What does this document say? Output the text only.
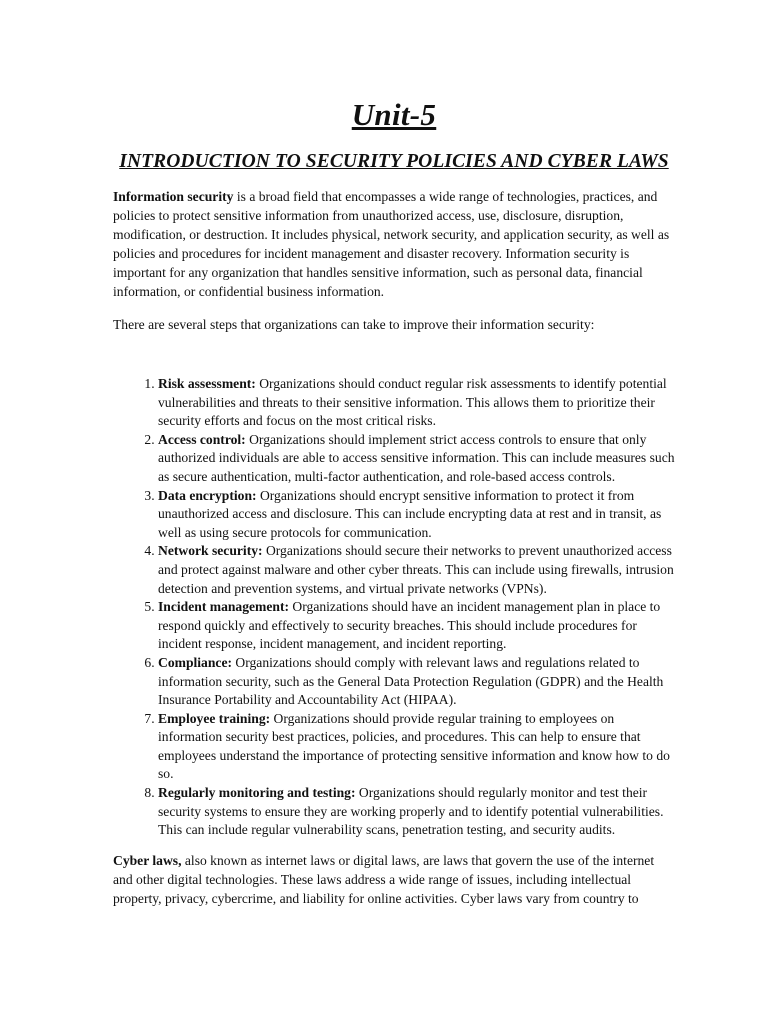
Unit-5
INTRODUCTION TO SECURITY POLICIES AND CYBER LAWS

Information security is a broad field that encompasses a wide range of technologies, practices, and policies to protect sensitive information from unauthorized access, use, disclosure, disruption, modification, or destruction. It includes physical, network security, and application security, as well as policies and procedures for incident management and disaster recovery. Information security is important for any organization that handles sensitive information, such as personal data, financial information, or confidential business information.

There are several steps that organizations can take to improve their information security:

1. Risk assessment: Organizations should conduct regular risk assessments to identify potential vulnerabilities and threats to their sensitive information. This allows them to prioritize their security efforts and focus on the most critical risks.
2. Access control: Organizations should implement strict access controls to ensure that only authorized individuals are able to access sensitive information. This can include measures such as secure authentication, multi-factor authentication, and role-based access controls.
3. Data encryption: Organizations should encrypt sensitive information to protect it from unauthorized access and disclosure. This can include encrypting data at rest and in transit, as well as using secure protocols for communication.
4. Network security: Organizations should secure their networks to prevent unauthorized access and protect against malware and other cyber threats. This can include using firewalls, intrusion detection and prevention systems, and virtual private networks (VPNs).
5. Incident management: Organizations should have an incident management plan in place to respond quickly and effectively to security breaches. This should include procedures for incident response, incident management, and incident reporting.
6. Compliance: Organizations should comply with relevant laws and regulations related to information security, such as the General Data Protection Regulation (GDPR) and the Health Insurance Portability and Accountability Act (HIPAA).
7. Employee training: Organizations should provide regular training to employees on information security best practices, policies, and procedures. This can help to ensure that employees understand the importance of protecting sensitive information and know how to do so.
8. Regularly monitoring and testing: Organizations should regularly monitor and test their security systems to ensure they are working properly and to identify potential vulnerabilities. This can include regular vulnerability scans, penetration testing, and security audits.

Cyber laws, also known as internet laws or digital laws, are laws that govern the use of the internet and other digital technologies. These laws address a wide range of issues, including intellectual property, privacy, cybercrime, and liability for online activities. Cyber laws vary from country to
